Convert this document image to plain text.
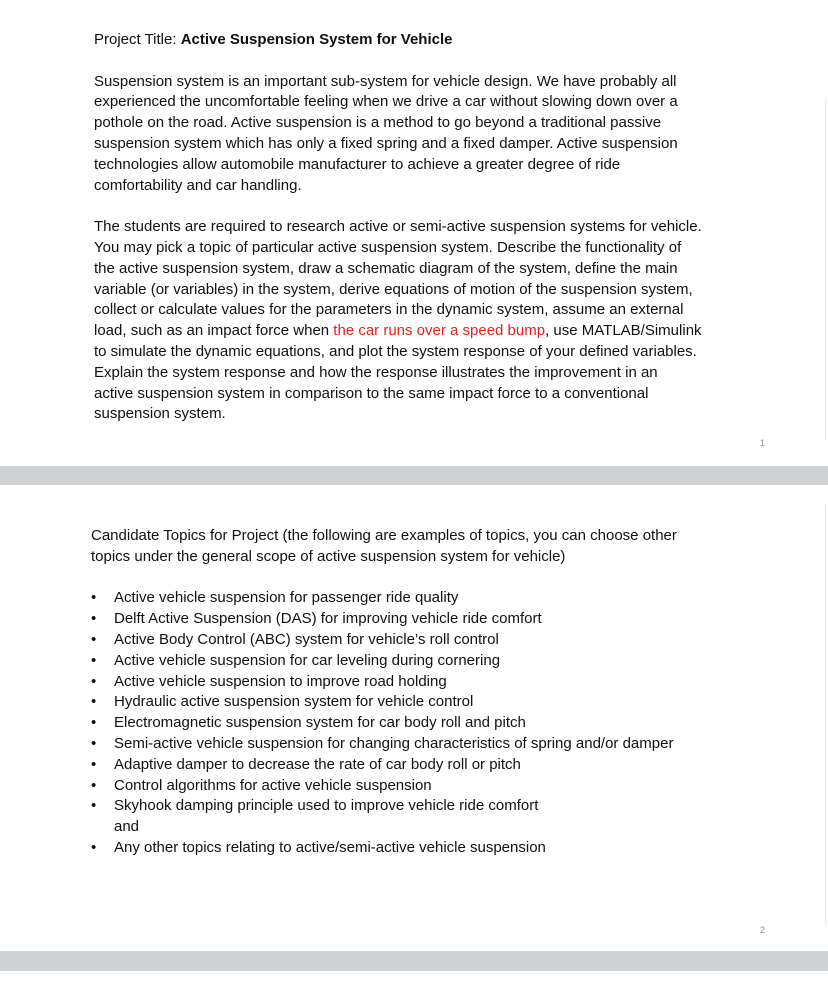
Project Title: Active Suspension System for Vehicle

Suspension system is an important sub-system for vehicle design. We have probably all

experienced the uncomfortable feeling when we drive a car without slowing down over a

pothole on the road. Active suspension is a method to go beyond a traditional passive

suspension system which has only a fixed spring and a fixed damper. Active suspension

technologies allow automobile manufacturer to achieve a greater degree of ride

comfortability and car handling.

The students are required to research active or semi-active suspension systems for vehicle.

You may pick a topic of particular active suspension system. Describe the functionality of

the active suspension system, draw a schematic diagram of the system, define the main

variable (or variables) in the system, derive equations of motion of the suspension system,

collect or calculate values for the parameters in the dynamic system, assume an external

load, such as an impact force when the car runs over a speed bump, use MATLAB/Simulink

to simulate the dynamic equations, and plot the system response of your defined variables.

Explain the system response and how the response illustrates the improvement in an

active suspension system in comparison to the same impact force to a conventional

suspension system.

1

Candidate Topics for Project (the following are examples of topics, you can choose other

topics under the general scope of active suspension system for vehicle)

• Active vehicle suspension for passenger ride quality
• Delft Active Suspension (DAS) for improving vehicle ride comfort
• Active Body Control (ABC) system for vehicle’s roll control
• Active vehicle suspension for car leveling during cornering
• Active vehicle suspension to improve road holding
• Hydraulic active suspension system for vehicle control
• Electromagnetic suspension system for car body roll and pitch
• Semi-active vehicle suspension for changing characteristics of spring and/or damper
• Adaptive damper to decrease the rate of car body roll or pitch
• Control algorithms for active vehicle suspension
• Skyhook damping principle used to improve vehicle ride comfort
and
• Any other topics relating to active/semi-active vehicle suspension
2
